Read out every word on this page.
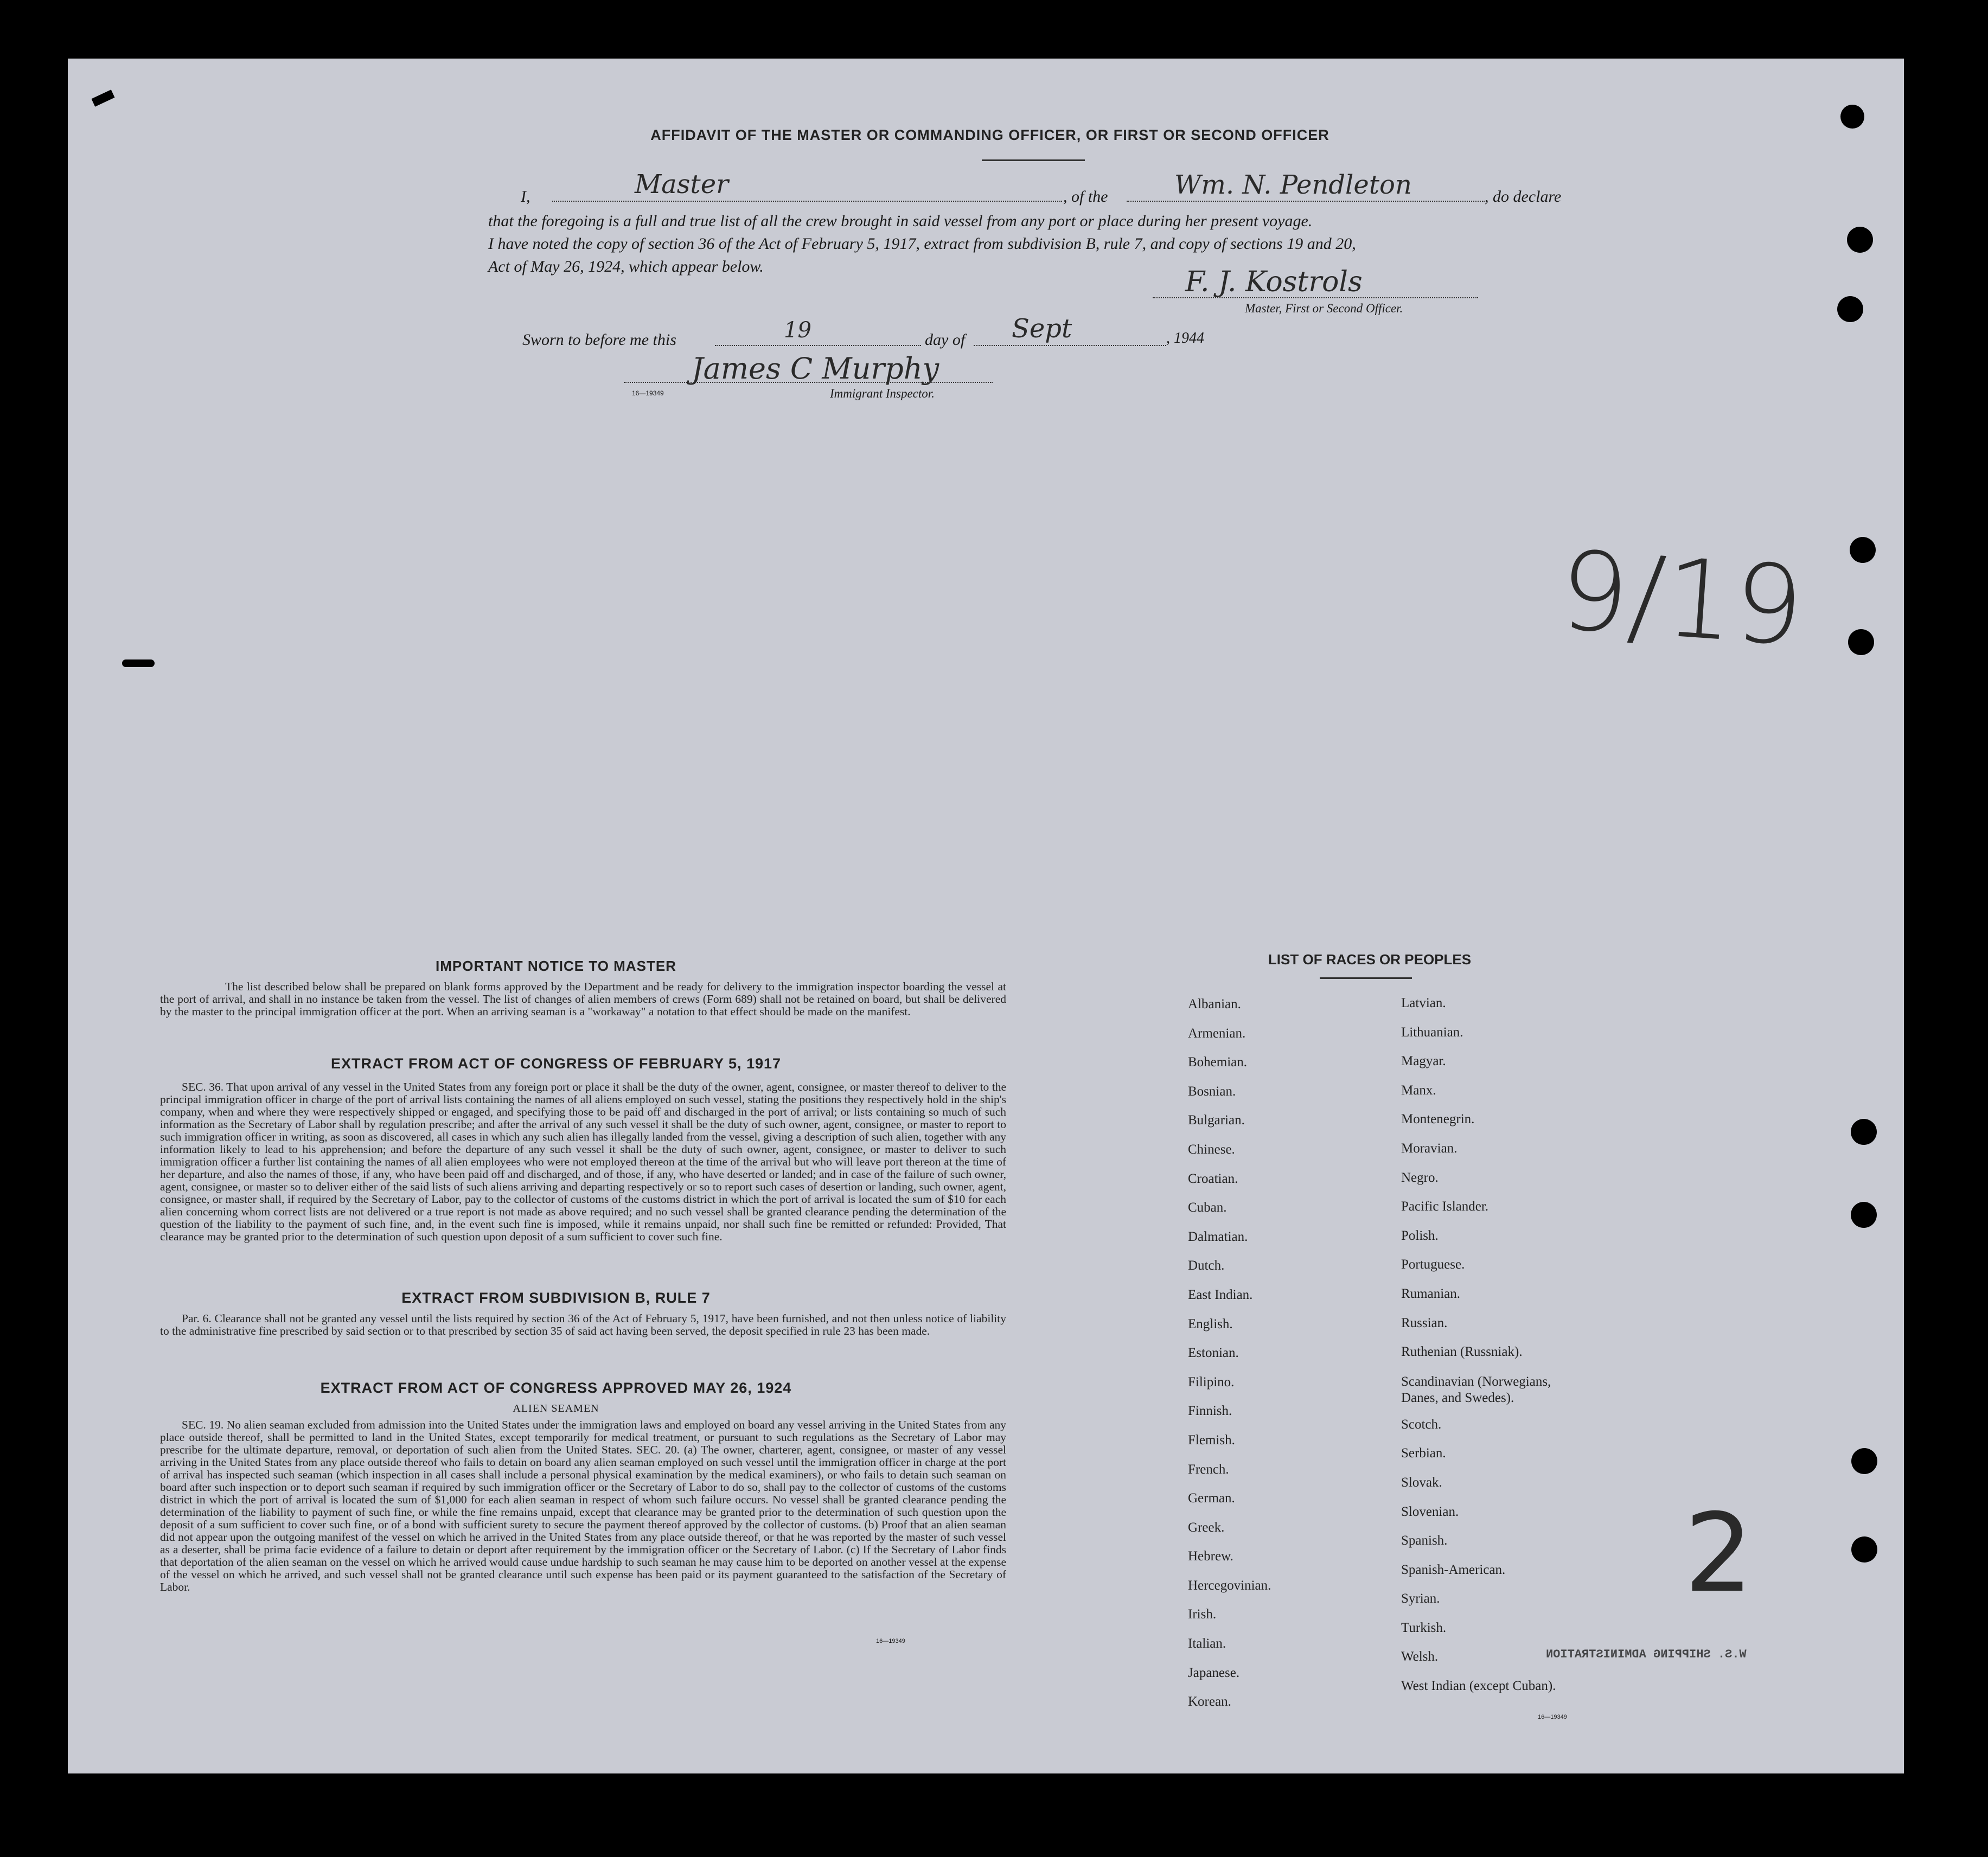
AFFIDAVIT OF THE MASTER OR COMMANDING OFFICER, OR FIRST OR SECOND OFFICER
I,	Master	, of the	Wm. N. Pendleton	, do declare
that the foregoing is a full and true list of all the crew brought in said vessel from any port or place during her present voyage.
I have noted the copy of section 36 of the Act of February 5, 1917, extract from subdivision B, rule 7, and copy of sections 19 and 20,
Act of May 26, 1924, which appear below.	F. J. Kostrols
Master, First or Second Officer.
Sworn to before me this	19	day of Sept	, 1944
James C Murphy
16—19349	Immigrant Inspector.
9/19
2
IMPORTANT NOTICE TO MASTER
The list described below shall be prepared on blank forms approved by the Department and be ready for delivery to the immigration inspector boarding the vessel at the port of arrival, and shall in no instance be taken from the vessel. The list of changes of alien members of crews (Form 689) shall not be retained on board, but shall be delivered by the master to the principal immigration officer at the port. When an arriving seaman is a "workaway" a notation to that effect should be made on the manifest.
EXTRACT FROM ACT OF CONGRESS OF FEBRUARY 5, 1917
SEC. 36. That upon arrival of any vessel in the United States from any foreign port or place it shall be the duty of the owner, agent, consignee, or master thereof to deliver to the principal immigration officer in charge of the port of arrival lists containing the names of all aliens employed on such vessel, stating the positions they respectively hold in the ship's company, when and where they were respectively shipped or engaged, and specifying those to be paid off and discharged in the port of arrival; or lists containing so much of such information as the Secretary of Labor shall by regulation prescribe; and after the arrival of any such vessel it shall be the duty of such owner, agent, consignee, or master to report to such immigration officer in writing, as soon as discovered, all cases in which any such alien has illegally landed from the vessel, giving a description of such alien, together with any information likely to lead to his apprehension; and before the departure of any such vessel it shall be the duty of such owner, agent, consignee, or master to deliver to such immigration officer a further list containing the names of all alien employees who were not employed thereon at the time of the arrival but who will leave port thereon at the time of her departure, and also the names of those, if any, who have been paid off and discharged, and of those, if any, who have deserted or landed; and in case of the failure of such owner, agent, consignee, or master so to deliver either of the said lists of such aliens arriving and departing respectively or so to report such cases of desertion or landing, such owner, agent, consignee, or master shall, if required by the Secretary of Labor, pay to the collector of customs of the customs district in which the port of arrival is located the sum of $10 for each alien concerning whom correct lists are not delivered or a true report is not made as above required; and no such vessel shall be granted clearance pending the determination of the question of the liability to the payment of such fine, and, in the event such fine is imposed, while it remains unpaid, nor shall such fine be remitted or refunded: Provided, That clearance may be granted prior to the determination of such question upon deposit of a sum sufficient to cover such fine.
EXTRACT FROM SUBDIVISION B, RULE 7
Par. 6. Clearance shall not be granted any vessel until the lists required by section 36 of the Act of February 5, 1917, have been furnished, and not then unless notice of liability to the administrative fine prescribed by said section or to that prescribed by section 35 of said act having been served, the deposit specified in rule 23 has been made.
EXTRACT FROM ACT OF CONGRESS APPROVED MAY 26, 1924
ALIEN SEAMEN
SEC. 19. No alien seaman excluded from admission into the United States under the immigration laws and employed on board any vessel arriving in the United States from any place outside thereof, shall be permitted to land in the United States, except temporarily for medical treatment, or pursuant to such regulations as the Secretary of Labor may prescribe for the ultimate departure, removal, or deportation of such alien from the United States. SEC. 20. (a) The owner, charterer, agent, consignee, or master of any vessel arriving in the United States from any place outside thereof who fails to detain on board any alien seaman employed on such vessel until the immigration officer in charge at the port of arrival has inspected such seaman (which inspection in all cases shall include a personal physical examination by the medical examiners), or who fails to detain such seaman on board after such inspection or to deport such seaman if required by such immigration officer or the Secretary of Labor to do so, shall pay to the collector of customs of the customs district in which the port of arrival is located the sum of $1,000 for each alien seaman in respect of whom such failure occurs. No vessel shall be granted clearance pending the determination of the liability to payment of such fine, or while the fine remains unpaid, except that clearance may be granted prior to the determination of such question upon the deposit of a sum sufficient to cover such fine, or of a bond with sufficient surety to secure the payment thereof approved by the collector of customs. (b) Proof that an alien seaman did not appear upon the outgoing manifest of the vessel on which he arrived in the United States from any place outside thereof, or that he was reported by the master of such vessel as a deserter, shall be prima facie evidence of a failure to detain or deport after requirement by the immigration officer or the Secretary of Labor. (c) If the Secretary of Labor finds that deportation of the alien seaman on the vessel on which he arrived would cause undue hardship to such seaman he may cause him to be deported on another vessel at the expense of the vessel on which he arrived, and such vessel shall not be granted clearance until such expense has been paid or its payment guaranteed to the satisfaction of the Secretary of Labor.
16—19349
LIST OF RACES OR PEOPLES
Albanian.
Armenian.
Bohemian.
Bosnian.
Bulgarian.
Chinese.
Croatian.
Cuban.
Dalmatian.
Dutch.
East Indian.
English.
Estonian.
Filipino.
Finnish.
Flemish.
French.
German.
Greek.
Hebrew.
Hercegovinian.
Irish.
Italian.
Japanese.
Korean.
Latvian.
Lithuanian.
Magyar.
Manx.
Montenegrin.
Moravian.
Negro.
Pacific Islander.
Polish.
Portuguese.
Rumanian.
Russian.
Ruthenian (Russniak).
Scandinavian (Norwegians, Danes, and Swedes).
Scotch.
Serbian.
Slovak.
Slovenian.
Spanish.
Spanish-American.
Syrian.
Turkish.
Welsh.
West Indian (except Cuban).
16—19349
W.S. SHIPPING ADMINISTRATION
